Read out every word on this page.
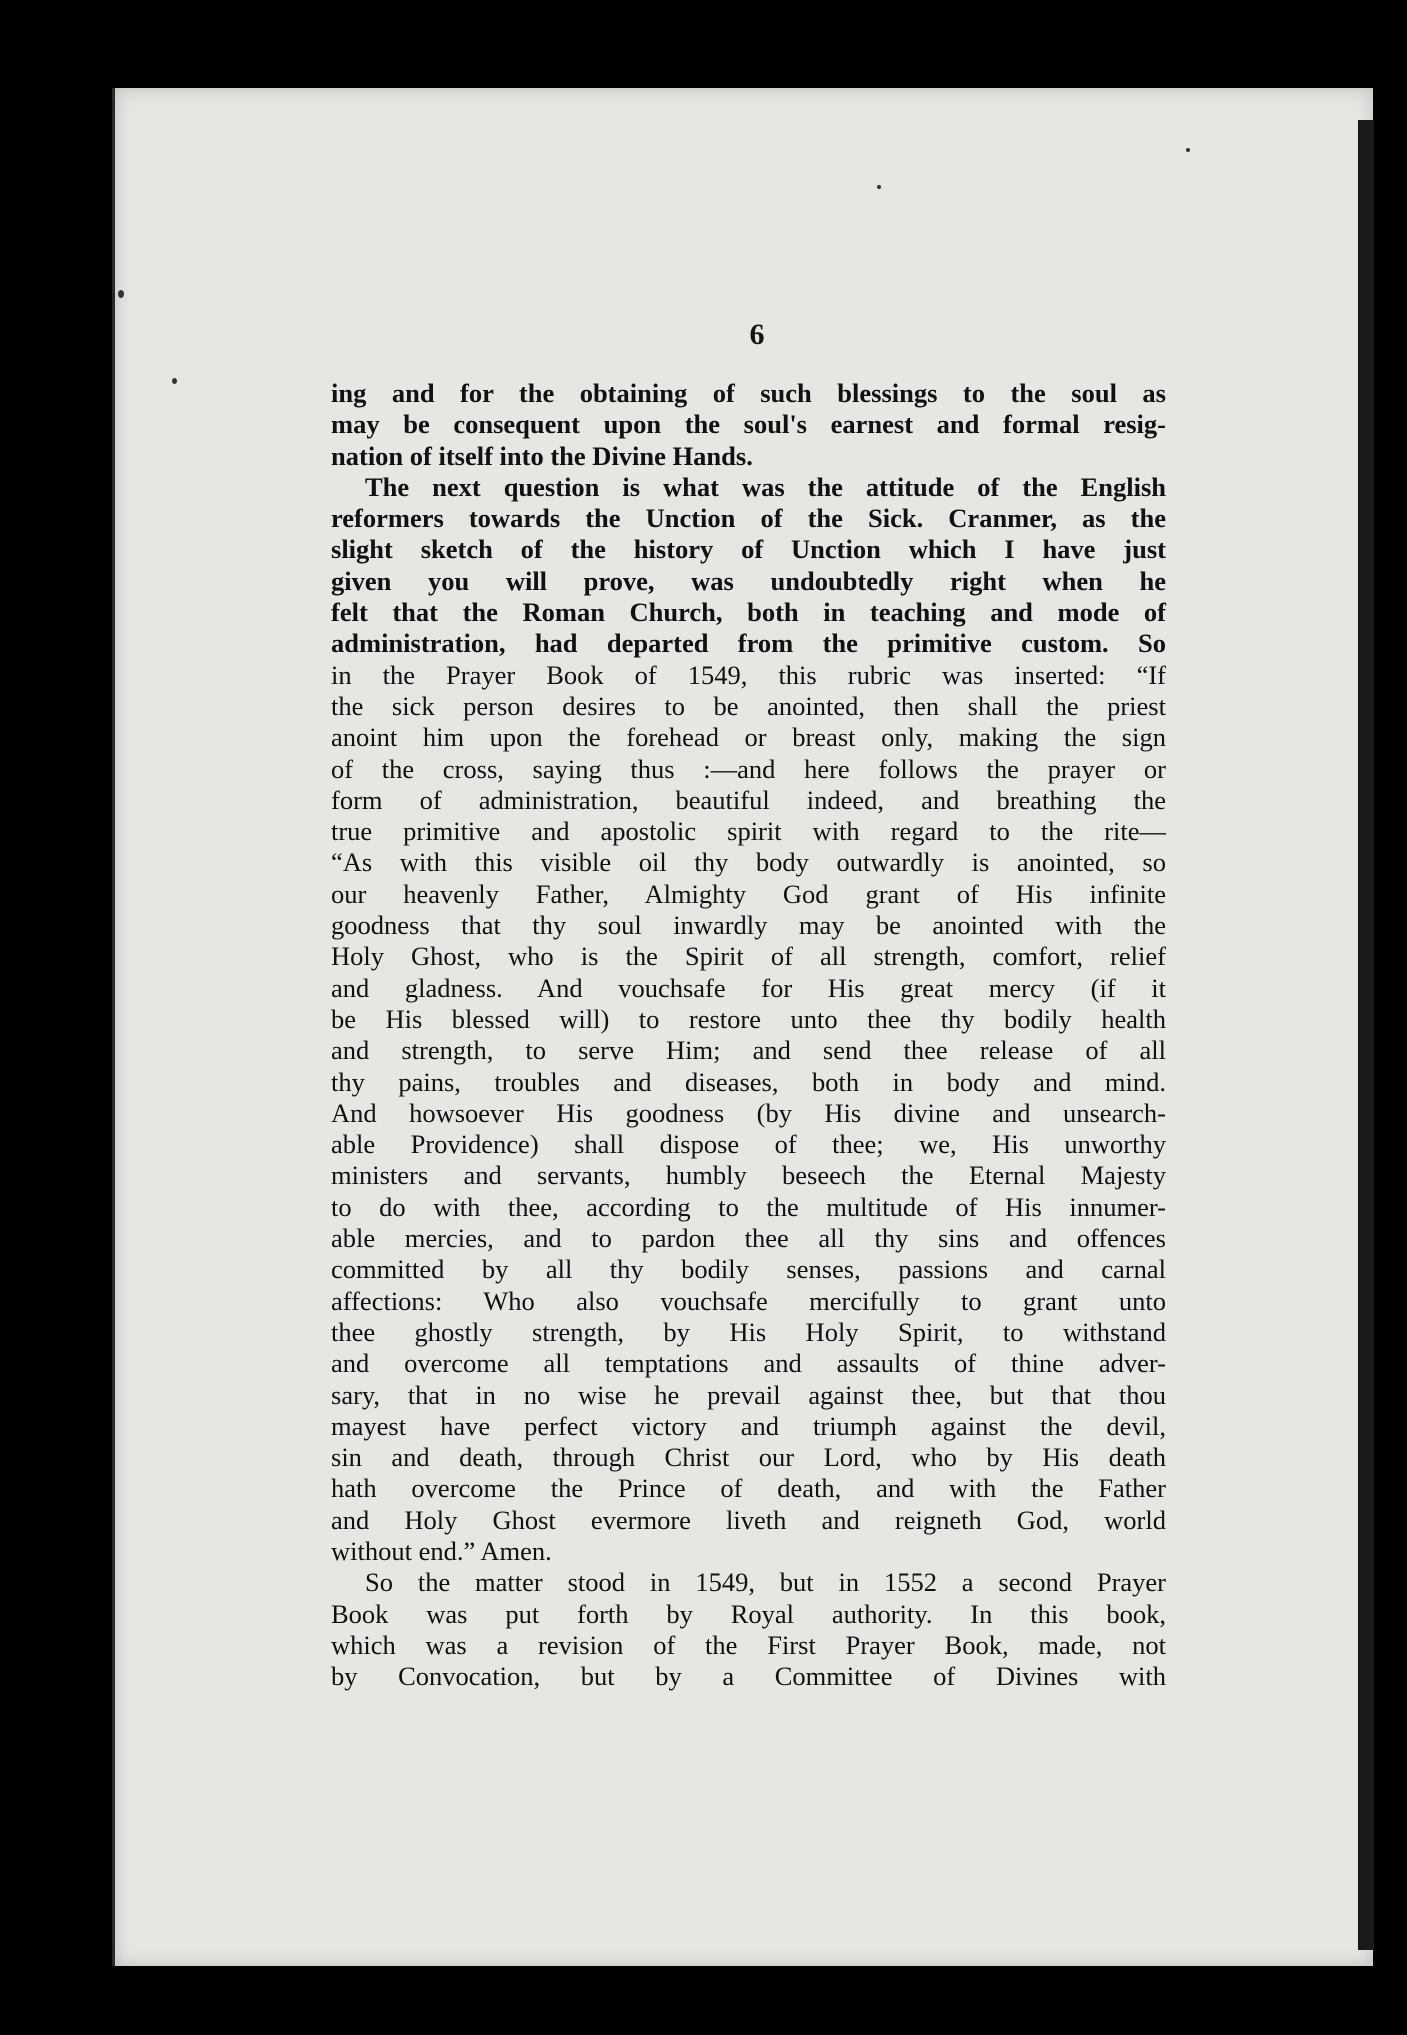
6
ing and for the obtaining of such blessings to the soul as
may be consequent upon the soul's earnest and formal resig-
nation of itself into the Divine Hands.
The next question is what was the attitude of the English
reformers towards the Unction of the Sick. Cranmer, as the
slight sketch of the history of Unction which I have just
given you will prove, was undoubtedly right when he
felt that the Roman Church, both in teaching and mode of
administration, had departed from the primitive custom. So
in the Prayer Book of 1549, this rubric was inserted: “If
the sick person desires to be anointed, then shall the priest
anoint him upon the forehead or breast only, making the sign
of the cross, saying thus :—and here follows the prayer or
form of administration, beautiful indeed, and breathing the
true primitive and apostolic spirit with regard to the rite—
“As with this visible oil thy body outwardly is anointed, so
our heavenly Father, Almighty God grant of His infinite
goodness that thy soul inwardly may be anointed with the
Holy Ghost, who is the Spirit of all strength, comfort, relief
and gladness. And vouchsafe for His great mercy (if it
be His blessed will) to restore unto thee thy bodily health
and strength, to serve Him; and send thee release of all
thy pains, troubles and diseases, both in body and mind.
And howsoever His goodness (by His divine and unsearch-
able Providence) shall dispose of thee; we, His unworthy
ministers and servants, humbly beseech the Eternal Majesty
to do with thee, according to the multitude of His innumer-
able mercies, and to pardon thee all thy sins and offences
committed by all thy bodily senses, passions and carnal
affections: Who also vouchsafe mercifully to grant unto
thee ghostly strength, by His Holy Spirit, to withstand
and overcome all temptations and assaults of thine adver-
sary, that in no wise he prevail against thee, but that thou
mayest have perfect victory and triumph against the devil,
sin and death, through Christ our Lord, who by His death
hath overcome the Prince of death, and with the Father
and Holy Ghost evermore liveth and reigneth God, world
without end.” Amen.
So the matter stood in 1549, but in 1552 a second Prayer
Book was put forth by Royal authority. In this book,
which was a revision of the First Prayer Book, made, not
by Convocation, but by a Committee of Divines with
